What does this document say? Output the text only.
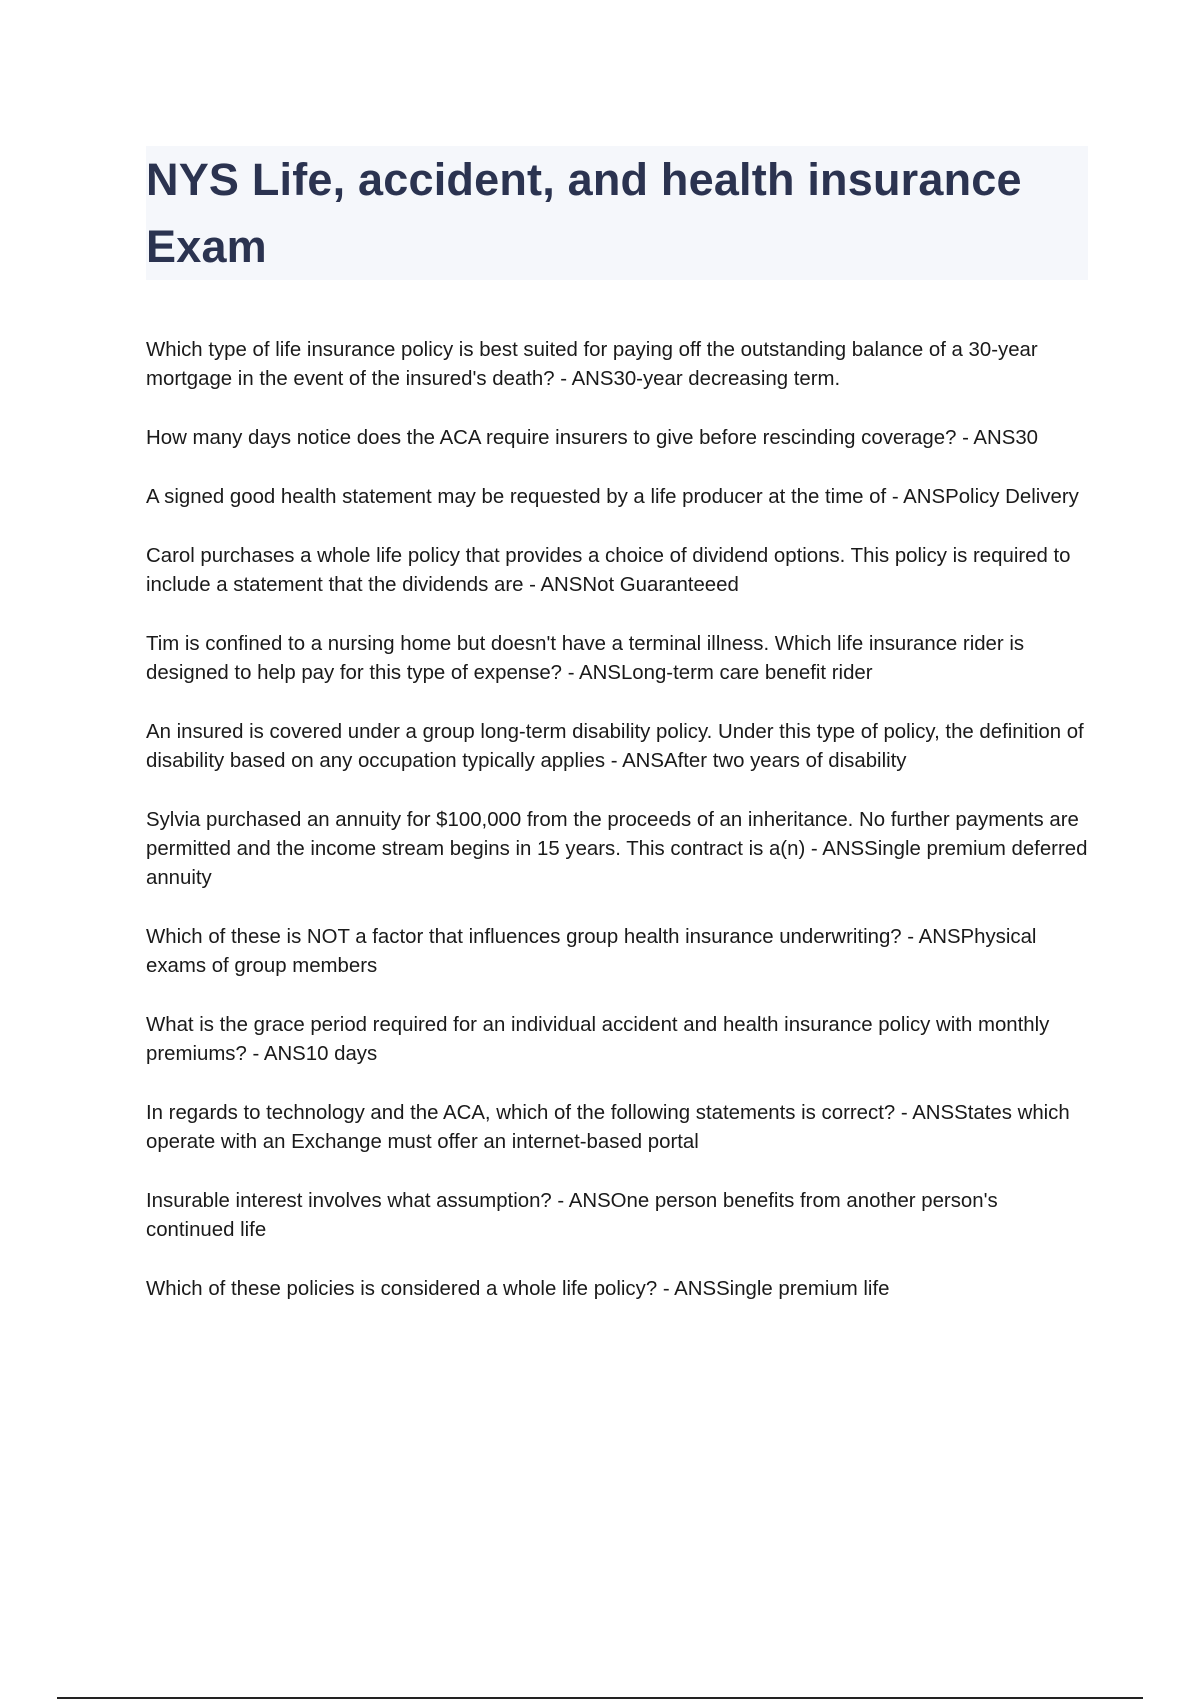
NYS Life, accident, and health insurance Exam
Which type of life insurance policy is best suited for paying off the outstanding balance of a 30-year mortgage in the event of the insured's death? - ANS30-year decreasing term.
How many days notice does the ACA require insurers to give before rescinding coverage? - ANS30
A signed good health statement may be requested by a life producer at the time of - ANSPolicy Delivery
Carol purchases a whole life policy that provides a choice of dividend options. This policy is required to include a statement that the dividends are - ANSNot Guaranteeed
Tim is confined to a nursing home but doesn't have a terminal illness. Which life insurance rider is designed to help pay for this type of expense? - ANSLong-term care benefit rider
An insured is covered under a group long-term disability policy. Under this type of policy, the definition of disability based on any occupation typically applies - ANSAfter two years of disability
Sylvia purchased an annuity for $100,000 from the proceeds of an inheritance. No further payments are permitted and the income stream begins in 15 years. This contract is a(n) - ANSSingle premium deferred annuity
Which of these is NOT a factor that influences group health insurance underwriting? - ANSPhysical exams of group members
What is the grace period required for an individual accident and health insurance policy with monthly premiums? - ANS10 days
In regards to technology and the ACA, which of the following statements is correct? - ANSStates which operate with an Exchange must offer an internet-based portal
Insurable interest involves what assumption? - ANSOne person benefits from another person's continued life
Which of these policies is considered a whole life policy? - ANSSingle premium life
